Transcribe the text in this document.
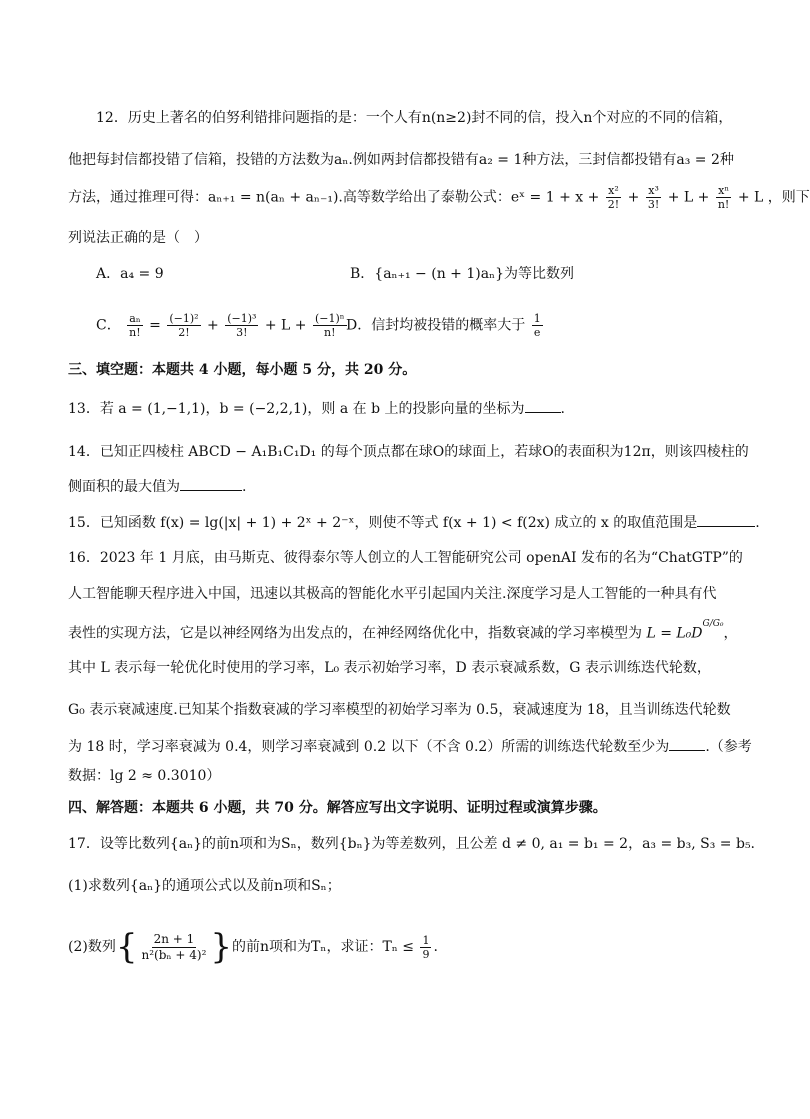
12．历史上著名的伯努利错排问题指的是：一个人有n(n≥2)封不同的信，投入n个对应的不同的信箱，
他把每封信都投错了信箱，投错的方法数为aₙ.例如两封信都投错有a₂ = 1种方法，三封信都投错有a₃ = 2种
方法，通过推理可得：aₙ₊₁ = n(aₙ + aₙ₋₁).高等数学给出了泰勒公式：eˣ = $1 + x + \frac{\text{x²}}{2!} + \frac{\text{x³}}{3!} + L + \frac{\text{xⁿ}}{n!} + L$ ，则下
列说法正确的是（　）
A．a₄ = 9	B．{aₙ₊₁ − (n + 1)aₙ}为等比数列
C． $\frac{\text{aₙ}}{n!} = \frac{\text{(−1)²}}{2!} + \frac{\text{(−1)³}}{3!} + L + \frac{\text{(−1)ⁿ}}{n!}$ D．信封均被投错的概率大于 $\frac{1}{e}$
三、填空题：本题共 4 小题，每小题 5 分，共 20 分。
13．若 a = (1,−1,1)，b = (−2,2,1)，则 a 在 b 上的投影向量的坐标为	.
14．已知正四棱柱 ABCD − A₁B₁C₁D₁ 的每个顶点都在球O的球面上，若球O的表面积为12π，则该四棱柱的
侧面积的最大值为	.
15．已知函数 f(x) = lg(|x| + 1) + 2ˣ + 2⁻ˣ，则使不等式 f(x + 1) < f(2x) 成立的 x 的取值范围是	.
16．2023 年 1 月底，由马斯克、彼得泰尔等人创立的人工智能研究公司 openAI 发布的名为“ChatGTP”的
人工智能聊天程序进入中国，迅速以其极高的智能化水平引起国内关注.深度学习是人工智能的一种具有代
表性的实现方法，它是以神经网络为出发点的，在神经网络优化中，指数衰减的学习率模型为 $L = L_0D^{G/G_0}$，
其中 L 表示每一轮优化时使用的学习率，L₀ 表示初始学习率，D 表示衰减系数，G 表示训练迭代轮数，
G₀ 表示衰减速度.已知某个指数衰减的学习率模型的初始学习率为 0.5，衰减速度为 18，且当训练迭代轮数
为 18 时，学习率衰减为 0.4，则学习率衰减到 0.2 以下（不含 0.2）所需的训练迭代轮数至少为	.（参考
数据：lg 2 ≈ 0.3010）
四、解答题：本题共 6 小题，共 70 分。解答应写出文字说明、证明过程或演算步骤。
17．设等比数列{aₙ}的前n项和为Sₙ，数列{bₙ}为等差数列，且公差 d ≠ 0, a₁ = b₁ = 2，a₃ = b₃, S₃ = b₅.
(1)求数列{aₙ}的通项公式以及前n项和Sₙ；
(2)数列{ $\frac{2n + 1}{\text{n²(bₙ + 4)²}}$ }的前n项和为Tₙ，求证：$T_n \le \frac{1}{9}$ .
